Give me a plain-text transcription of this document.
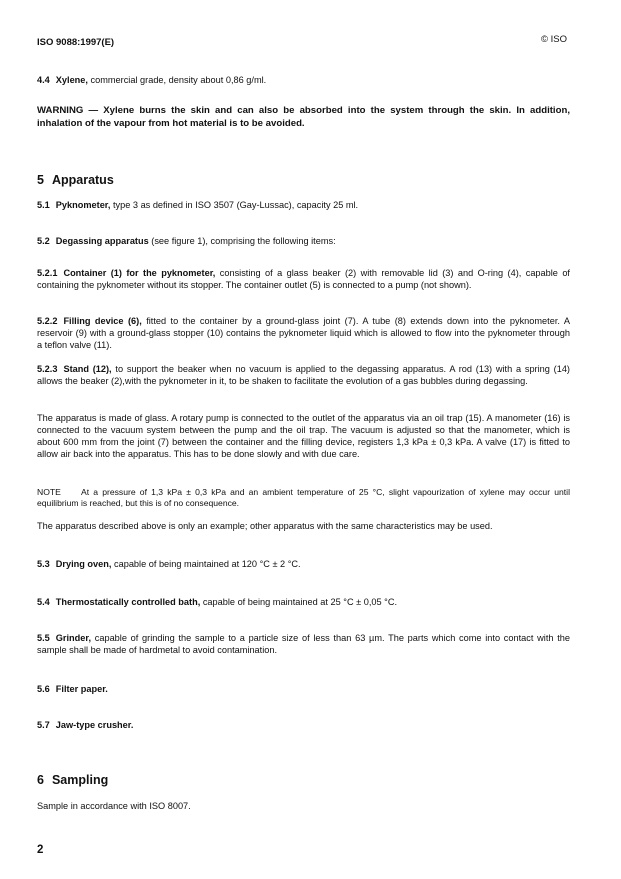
ISO 9088:1997(E)	© ISO
4.4 Xylene, commercial grade, density about 0,86 g/ml.
WARNING — Xylene burns the skin and can also be absorbed into the system through the skin. In addition, inhalation of the vapour from hot material is to be avoided.
5 Apparatus
5.1 Pyknometer, type 3 as defined in ISO 3507 (Gay-Lussac), capacity 25 ml.
5.2 Degassing apparatus (see figure 1), comprising the following items:
5.2.1 Container (1) for the pyknometer, consisting of a glass beaker (2) with removable lid (3) and O-ring (4), capable of containing the pyknometer without its stopper. The container outlet (5) is connected to a pump (not shown).
5.2.2 Filling device (6), fitted to the container by a ground-glass joint (7). A tube (8) extends down into the pyknometer. A reservoir (9) with a ground-glass stopper (10) contains the pyknometer liquid which is allowed to flow into the pyknometer through a teflon valve (11).
5.2.3 Stand (12), to support the beaker when no vacuum is applied to the degassing apparatus. A rod (13) with a spring (14) allows the beaker (2),with the pyknometer in it, to be shaken to facilitate the evolution of a gas bubbles during degassing.
The apparatus is made of glass. A rotary pump is connected to the outlet of the apparatus via an oil trap (15). A manometer (16) is connected to the vacuum system between the pump and the oil trap. The vacuum is adjusted so that the manometer, which is about 600 mm from the joint (7) between the container and the filling device, registers 1,3 kPa ± 0,3 kPa. A valve (17) is fitted to allow air back into the apparatus. This has to be done slowly and with due care.
NOTE At a pressure of 1,3 kPa ± 0,3 kPa and an ambient temperature of 25 °C, slight vapourization of xylene may occur until equilibrium is reached, but this is of no consequence.
The apparatus described above is only an example; other apparatus with the same characteristics may be used.
5.3 Drying oven, capable of being maintained at 120 °C ± 2 °C.
5.4 Thermostatically controlled bath, capable of being maintained at 25 °C ± 0,05 °C.
5.5 Grinder, capable of grinding the sample to a particle size of less than 63 µm. The parts which come into contact with the sample shall be made of hardmetal to avoid contamination.
5.6 Filter paper.
5.7 Jaw-type crusher.
6 Sampling
Sample in accordance with ISO 8007.
2
